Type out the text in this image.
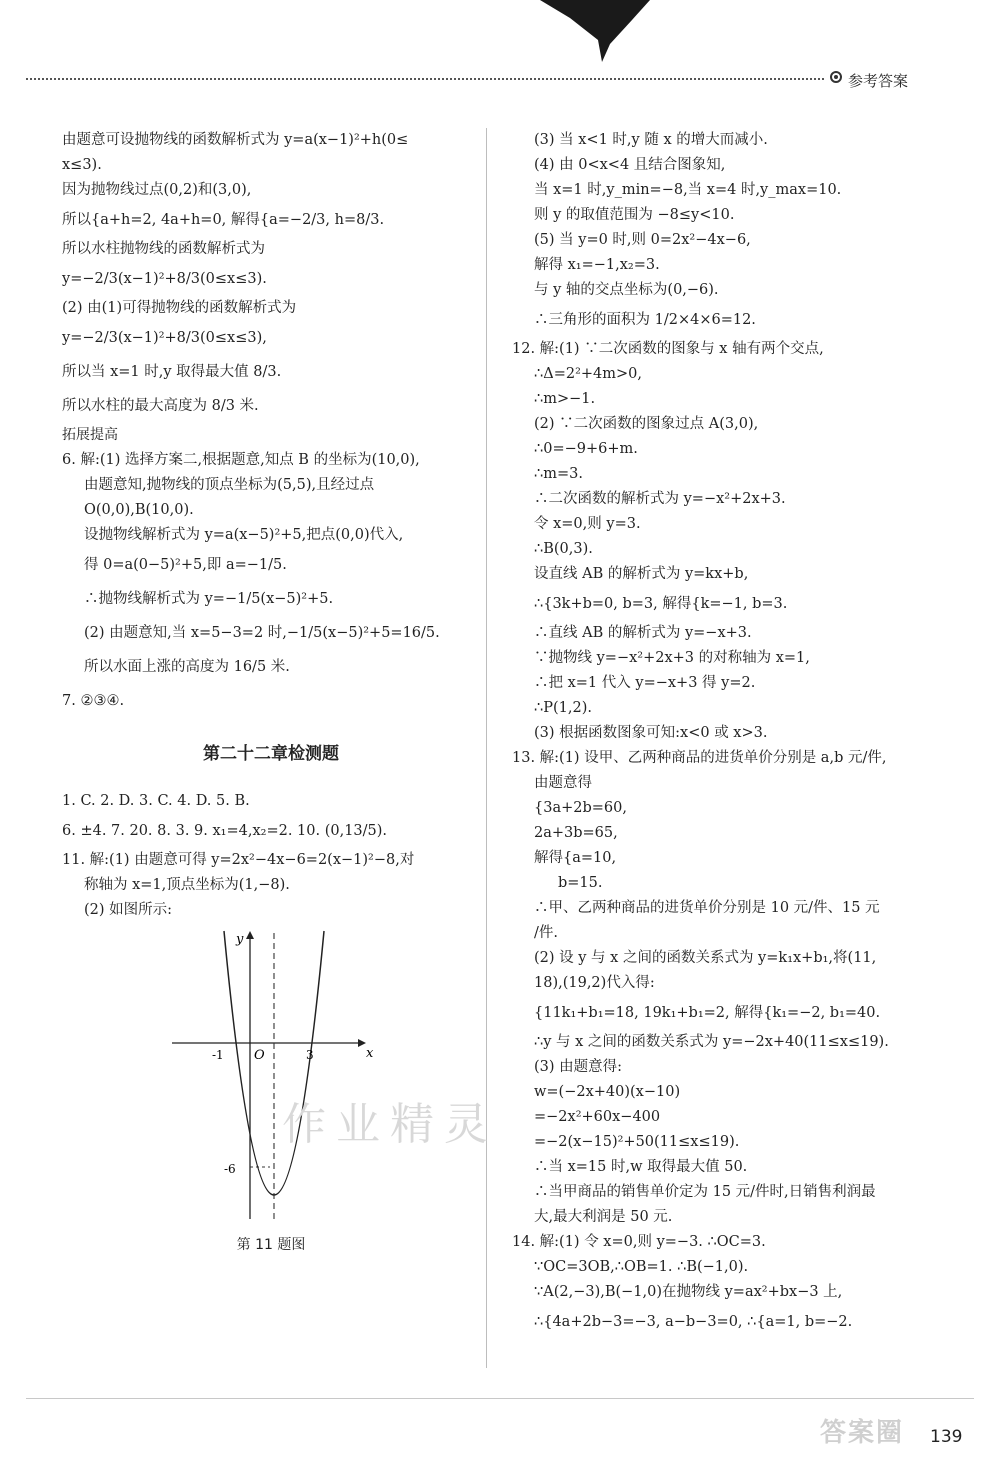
参考答案
由题意可设抛物线的函数解析式为 y=a(x−1)²+h(0≤
x≤3).
因为抛物线过点(0,2)和(3,0),
所以{a+h=2, 4a+h=0, 解得{a=−2/3, h=8/3.
所以水柱抛物线的函数解析式为
y=−2/3(x−1)²+8/3(0≤x≤3).
(2) 由(1)可得抛物线的函数解析式为
y=−2/3(x−1)²+8/3(0≤x≤3),
所以当 x=1 时,y 取得最大值 8/3.
所以水柱的最大高度为 8/3 米.
拓展提高
6. 解:(1) 选择方案二,根据题意,知点 B 的坐标为(10,0),
由题意知,抛物线的顶点坐标为(5,5),且经过点
O(0,0),B(10,0).
设抛物线解析式为 y=a(x−5)²+5,把点(0,0)代入,
得 0=a(0−5)²+5,即 a=−1/5.
∴抛物线解析式为 y=−1/5(x−5)²+5.
(2) 由题意知,当 x=5−3=2 时,−1/5(x−5)²+5=16/5.
所以水面上涨的高度为 16/5 米.
7. ②③④.
第二十二章检测题
1. C. 2. D. 3. C. 4. D. 5. B.
6. ±4. 7. 20. 8. 3. 9. x₁=4,x₂=2. 10. (0,13/5).
11. 解:(1) 由题意可得 y=2x²−4x−6=2(x−1)²−8,对
称轴为 x=1,顶点坐标为(1,−8).
(2) 如图所示:
x
y
O
-1	3
-6
第 11 题图
(3) 当 x<1 时,y 随 x 的增大而减小.
(4) 由 0<x<4 且结合图象知,
当 x=1 时,y_min=−8,当 x=4 时,y_max=10.
则 y 的取值范围为 −8≤y<10.
(5) 当 y=0 时,则 0=2x²−4x−6,
解得 x₁=−1,x₂=3.
与 y 轴的交点坐标为(0,−6).
∴三角形的面积为 1/2×4×6=12.
12. 解:(1) ∵二次函数的图象与 x 轴有两个交点,
∴Δ=2²+4m>0,
∴m>−1.
(2) ∵二次函数的图象过点 A(3,0),
∴0=−9+6+m.
∴m=3.
∴二次函数的解析式为 y=−x²+2x+3.
令 x=0,则 y=3.
∴B(0,3).
设直线 AB 的解析式为 y=kx+b,
∴{3k+b=0, b=3, 解得{k=−1, b=3.
∴直线 AB 的解析式为 y=−x+3.
∵抛物线 y=−x²+2x+3 的对称轴为 x=1,
∴把 x=1 代入 y=−x+3 得 y=2.
∴P(1,2).
(3) 根据函数图象可知:x<0 或 x>3.
13. 解:(1) 设甲、乙两种商品的进货单价分别是 a,b 元/件,
由题意得
{3a+2b=60,
2a+3b=65,
解得{a=10,
b=15.
∴甲、乙两种商品的进货单价分别是 10 元/件、15 元
/件.
(2) 设 y 与 x 之间的函数关系式为 y=k₁x+b₁,将(11,
18),(19,2)代入得:
{11k₁+b₁=18, 19k₁+b₁=2, 解得{k₁=−2, b₁=40.
∴y 与 x 之间的函数关系式为 y=−2x+40(11≤x≤19).
(3) 由题意得:
w=(−2x+40)(x−10)
=−2x²+60x−400
=−2(x−15)²+50(11≤x≤19).
∴当 x=15 时,w 取得最大值 50.
∴当甲商品的销售单价定为 15 元/件时,日销售利润最
大,最大利润是 50 元.
14. 解:(1) 令 x=0,则 y=−3. ∴OC=3.
∵OC=3OB,∴OB=1. ∴B(−1,0).
∵A(2,−3),B(−1,0)在抛物线 y=ax²+bx−3 上,
∴{4a+2b−3=−3, a−b−3=0, ∴{a=1, b=−2.
作业精灵
答案圈 139
